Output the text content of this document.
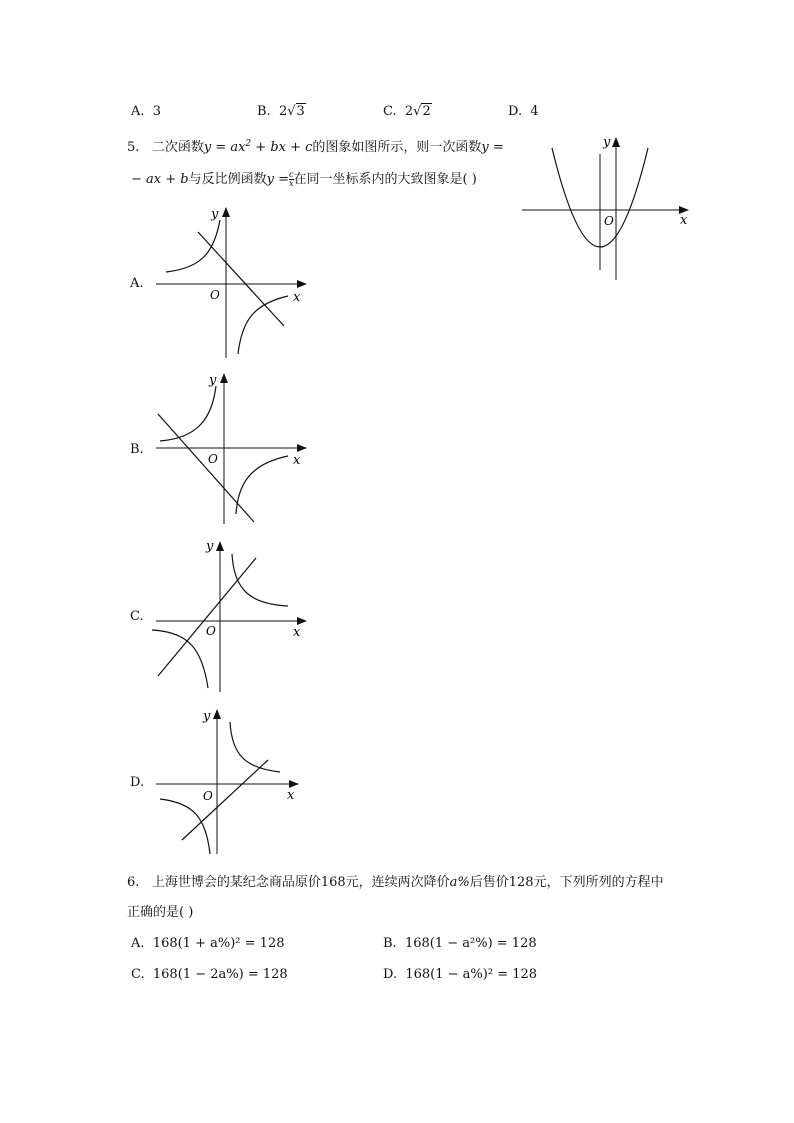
A. 3	B. 2√3	C. 2√2	D. 4
5. 二次函数$y = ax^2$ + bx + c的图象如图所示，则一次函数y =
− ax + b与反比例函数$y = \frac{c}{x}$ 在同一坐标系内的大致图象是( )
x
y
O
A.
x
y
O
B.
x
y
O
C.
x
y
O
D.
x
y
O
6. 上海世博会的某纪念商品原价168元，连续两次降价a%后售价128元，下列所列的方程中
正确的是( )
A. 168(1 + a%)² = 128	B. 168(1 − a²%) = 128
C. 168(1 − 2a%) = 128	D. 168(1 − a%)² = 128
